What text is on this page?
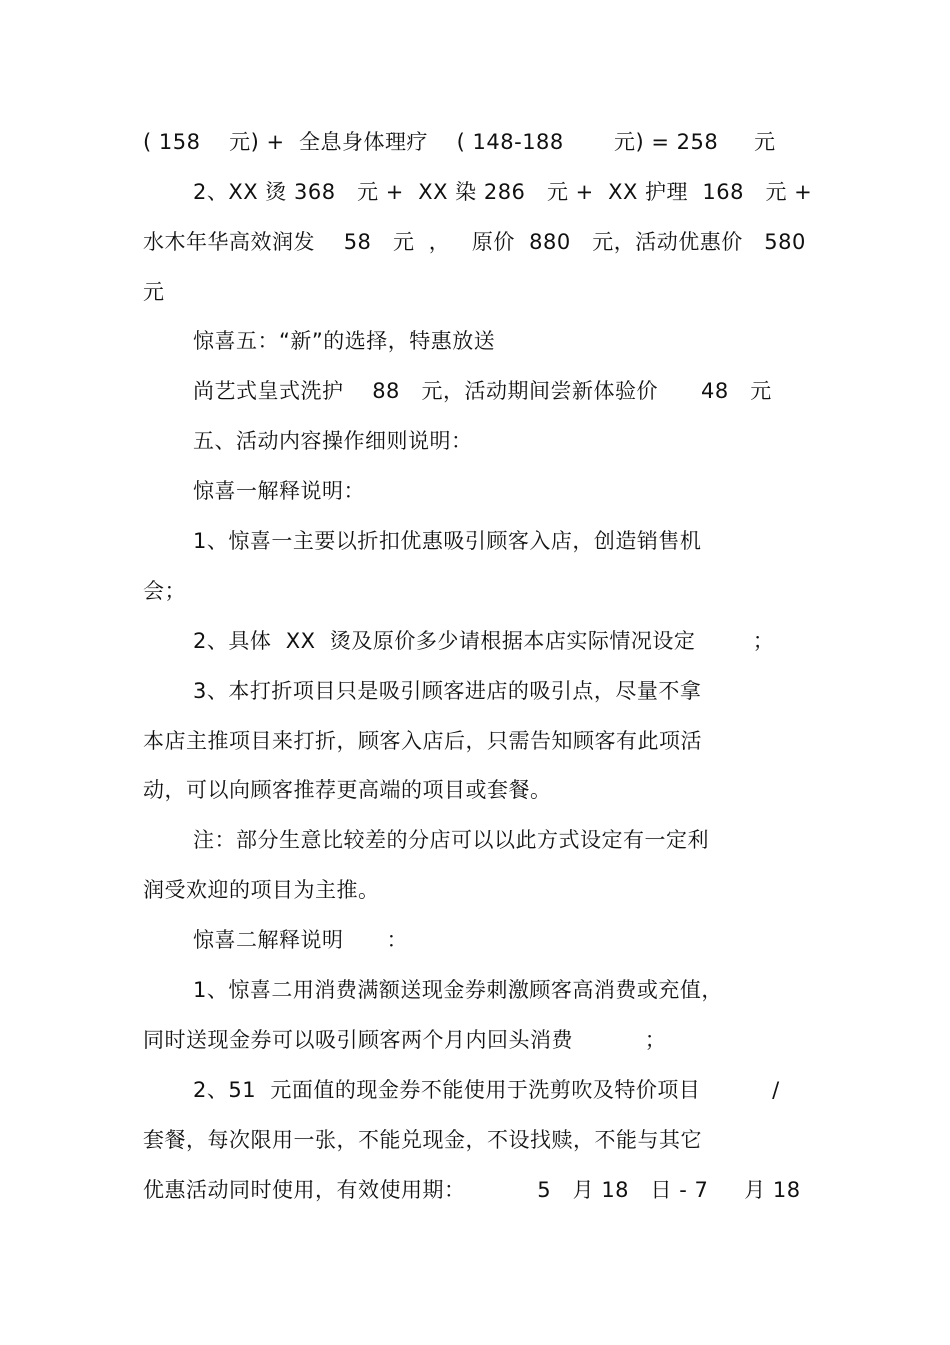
( 158    元) +  全息身体理疗    ( 148-188       元) = 258     元
2、XX 烫 368   元 +  XX 染 286   元 +  XX 护理  168   元 +
水木年华高效润发    58   元  ，   原价  880   元，活动优惠价   580
元
惊喜五：“新”的选择，特惠放送
尚艺式皇式洗护    88   元，活动期间尝新体验价      48   元
五、活动内容操作细则说明：
惊喜一解释说明：
1、惊喜一主要以折扣优惠吸引顾客入店，创造销售机
会；
2、具体  XX  烫及原价多少请根据本店实际情况设定        ；
3、本打折项目只是吸引顾客进店的吸引点，尽量不拿
本店主推项目来打折，顾客入店后，只需告知顾客有此项活
动，可以向顾客推荐更高端的项目或套餐。
注：部分生意比较差的分店可以以此方式设定有一定利
润受欢迎的项目为主推。
惊喜二解释说明      ：
1、惊喜二用消费满额送现金券刺激顾客高消费或充值，
同时送现金券可以吸引顾客两个月内回头消费          ；
2、51  元面值的现金券不能使用于洗剪吹及特价项目          /
套餐，每次限用一张，不能兑现金，不设找赎，不能与其它
优惠活动同时使用，有效使用期：          5   月 18   日 - 7     月 18
